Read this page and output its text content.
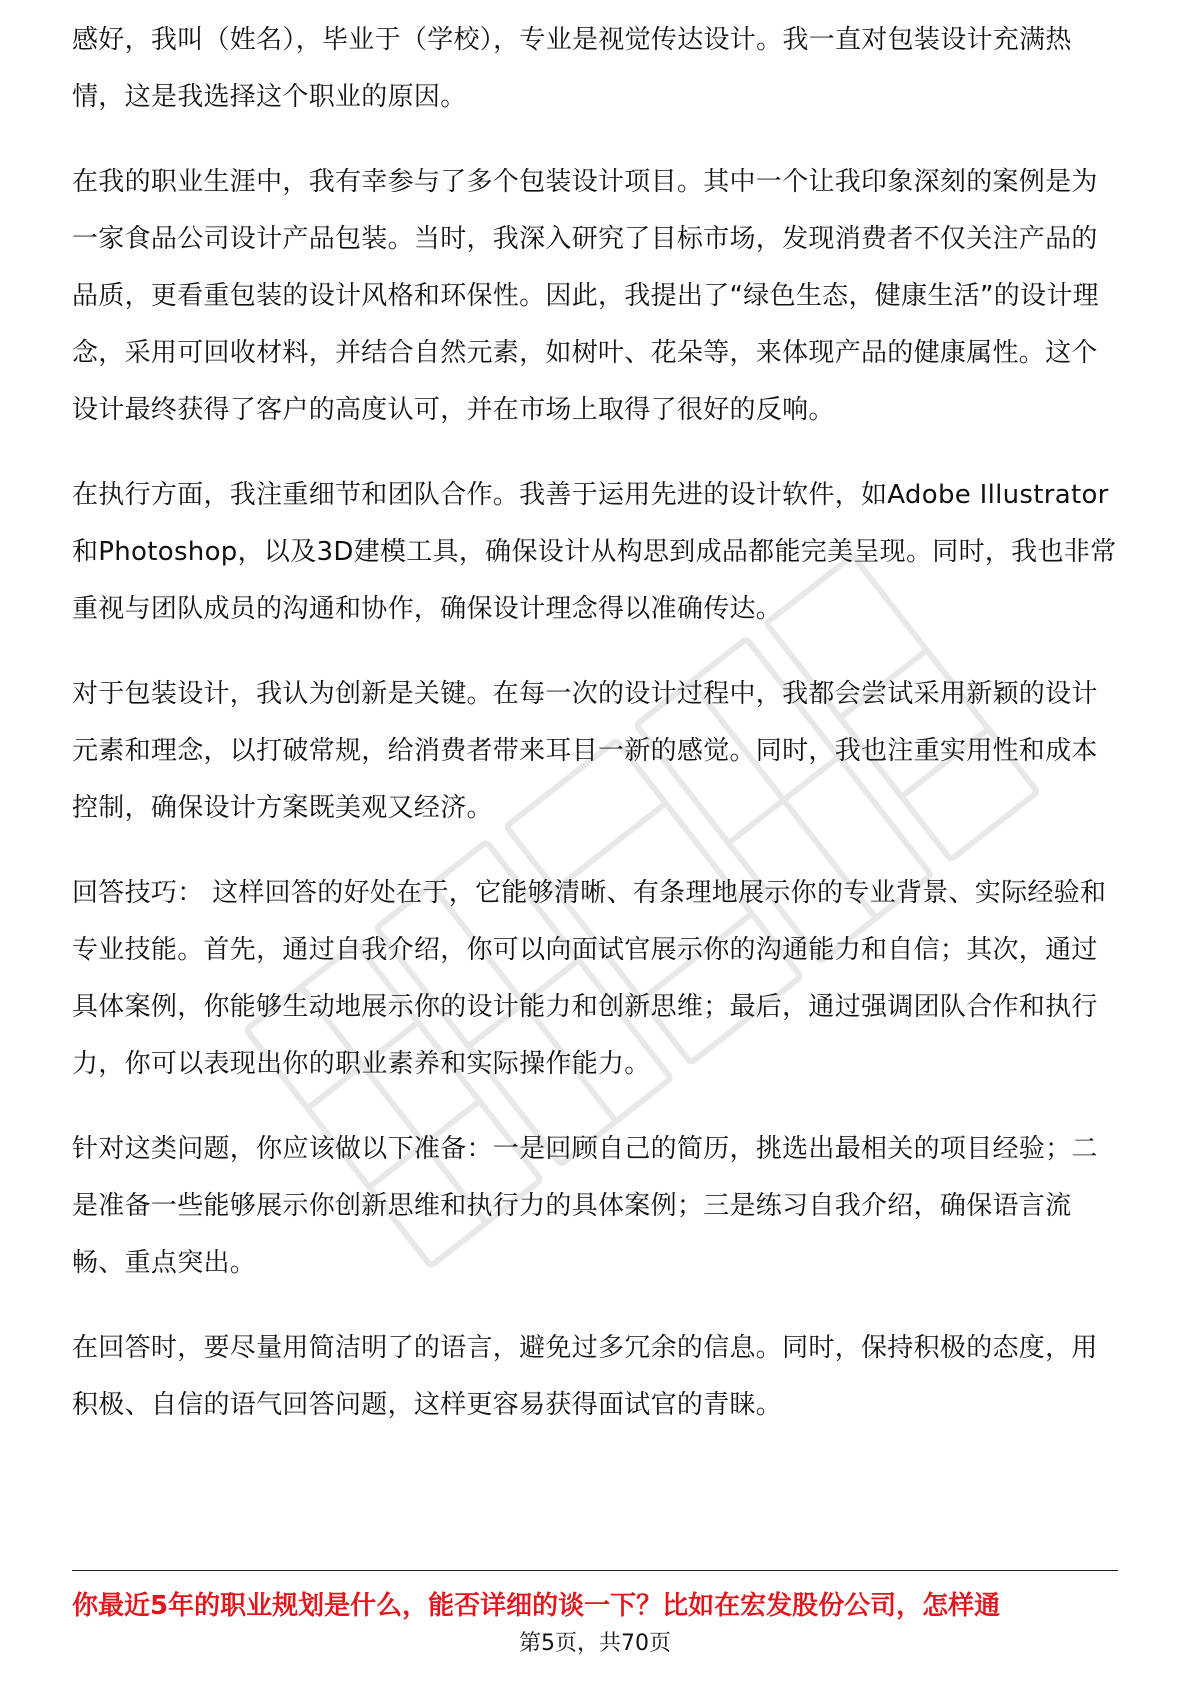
感好，我叫（姓名），毕业于（学校），专业是视觉传达设计。我一直对包装设计充满热情，这是我选择这个职业的原因。

在我的职业生涯中，我有幸参与了多个包装设计项目。其中一个让我印象深刻的案例是为一家食品公司设计产品包装。当时，我深入研究了目标市场，发现消费者不仅关注产品的品质，更看重包装的设计风格和环保性。因此，我提出了“绿色生态，健康生活”的设计理念，采用可回收材料，并结合自然元素，如树叶、花朵等，来体现产品的健康属性。这个设计最终获得了客户的高度认可，并在市场上取得了很好的反响。

在执行方面，我注重细节和团队合作。我善于运用先进的设计软件，如Adobe Illustrator和Photoshop，以及3D建模工具，确保设计从构思到成品都能完美呈现。同时，我也非常重视与团队成员的沟通和协作，确保设计理念得以准确传达。

对于包装设计，我认为创新是关键。在每一次的设计过程中，我都会尝试采用新颖的设计元素和理念，以打破常规，给消费者带来耳目一新的感觉。同时，我也注重实用性和成本控制，确保设计方案既美观又经济。

回答技巧： 这样回答的好处在于，它能够清晰、有条理地展示你的专业背景、实际经验和专业技能。首先，通过自我介绍，你可以向面试官展示你的沟通能力和自信；其次，通过具体案例，你能够生动地展示你的设计能力和创新思维；最后，通过强调团队合作和执行力，你可以表现出你的职业素养和实际操作能力。

针对这类问题，你应该做以下准备：一是回顾自己的简历，挑选出最相关的项目经验；二是准备一些能够展示你创新思维和执行力的具体案例；三是练习自我介绍，确保语言流畅、重点突出。

在回答时，要尽量用简洁明了的语言，避免过多冗余的信息。同时，保持积极的态度，用积极、自信的语气回答问题，这样更容易获得面试官的青睐。

你最近5年的职业规划是什么，能否详细的谈一下？比如在宏发股份公司，怎样通
第5页，共70页
